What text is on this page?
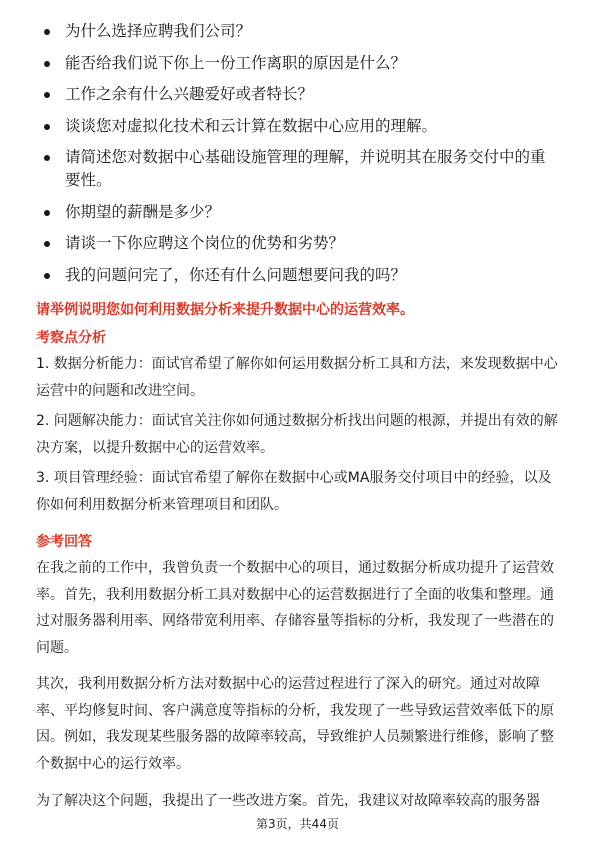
为什么选择应聘我们公司？
能否给我们说下你上一份工作离职的原因是什么？
工作之余有什么兴趣爱好或者特长？
谈谈您对虚拟化技术和云计算在数据中心应用的理解。
请简述您对数据中心基础设施管理的理解，并说明其在服务交付中的重要性。
你期望的薪酬是多少？
请谈一下你应聘这个岗位的优势和劣势？
我的问题问完了，你还有什么问题想要问我的吗？
请举例说明您如何利用数据分析来提升数据中心的运营效率。
考察点分析
1. 数据分析能力：面试官希望了解你如何运用数据分析工具和方法，来发现数据中心运营中的问题和改进空间。
2. 问题解决能力：面试官关注你如何通过数据分析找出问题的根源，并提出有效的解决方案，以提升数据中心的运营效率。
3. 项目管理经验：面试官希望了解你在数据中心或MA服务交付项目中的经验，以及你如何利用数据分析来管理项目和团队。
参考回答
在我之前的工作中，我曾负责一个数据中心的项目，通过数据分析成功提升了运营效率。首先，我利用数据分析工具对数据中心的运营数据进行了全面的收集和整理。通过对服务器利用率、网络带宽利用率、存储容量等指标的分析，我发现了一些潜在的问题。
其次，我利用数据分析方法对数据中心的运营过程进行了深入的研究。通过对故障率、平均修复时间、客户满意度等指标的分析，我发现了一些导致运营效率低下的原因。例如，我发现某些服务器的故障率较高，导致维护人员频繁进行维修，影响了整个数据中心的运行效率。
为了解决这个问题，我提出了一些改进方案。首先，我建议对故障率较高的服务器
第3页，共44页
